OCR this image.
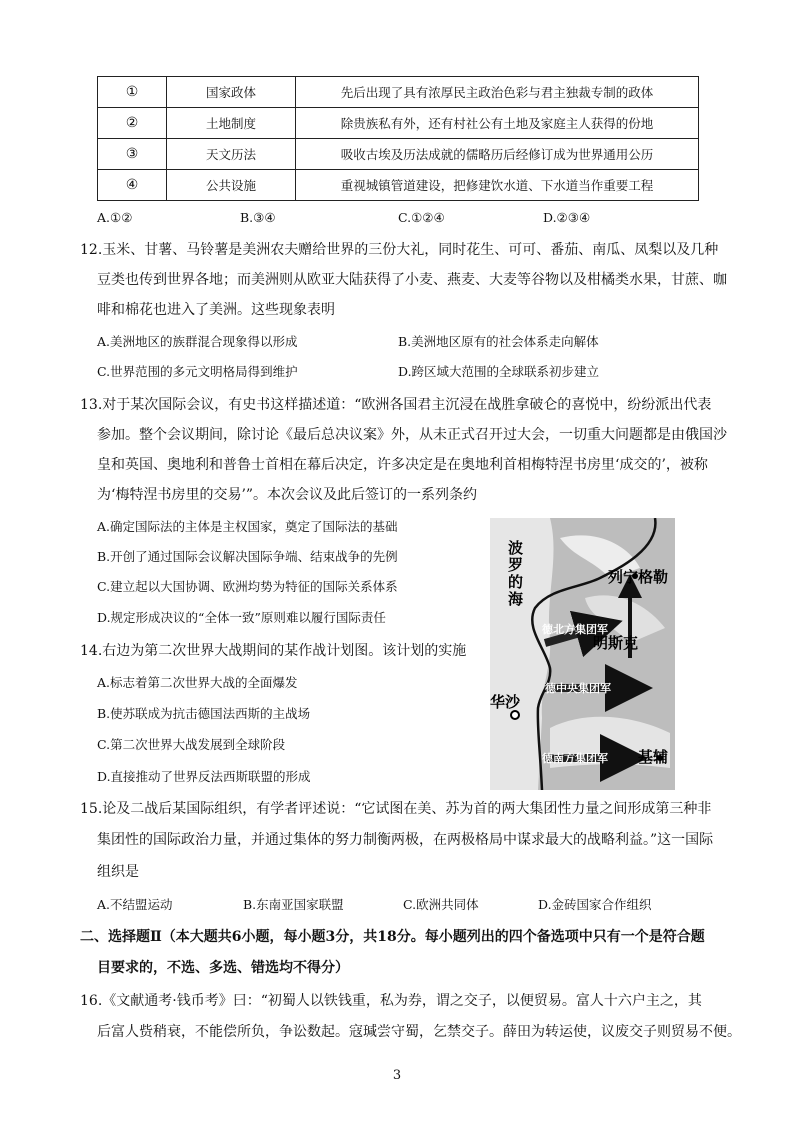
①	国家政体	先后出现了具有浓厚民主政治色彩与君主独裁专制的政体
②	土地制度	除贵族私有外，还有村社公有土地及家庭主人获得的份地
③	天文历法	吸收古埃及历法成就的儒略历后经修订成为世界通用公历
④	公共设施	重视城镇管道建设，把修建饮水道、下水道当作重要工程
A.①②	B.③④	C.①②④	D.②③④
12.玉米、甘薯、马铃薯是美洲农夫赠给世界的三份大礼，同时花生、可可、番茄、南瓜、凤梨以及几种
豆类也传到世界各地；而美洲则从欧亚大陆获得了小麦、燕麦、大麦等谷物以及柑橘类水果，甘蔗、咖
啡和棉花也进入了美洲。这些现象表明
A.美洲地区的族群混合现象得以形成	B.美洲地区原有的社会体系走向解体
C.世界范围的多元文明格局得到维护	D.跨区域大范围的全球联系初步建立
13.对于某次国际会议，有史书这样描述道：“欧洲各国君主沉浸在战胜拿破仑的喜悦中，纷纷派出代表
参加。整个会议期间，除讨论《最后总决议案》外，从未正式召开过大会，一切重大问题都是由俄国沙
皇和英国、奥地利和普鲁士首相在幕后决定，许多决定是在奥地利首相梅特涅书房里‘成交的’，被称
为‘梅特涅书房里的交易’”。本次会议及此后签订的一系列条约
A.确定国际法的主体是主权国家，奠定了国际法的基础
B.开创了通过国际会议解决国际争端、结束战争的先例
C.建立起以大国协调、欧洲均势为特征的国际关系体系
D.规定形成决议的“全体一致”原则难以履行国际责任
14.右边为第二次世界大战期间的某作战计划图。该计划的实施
A.标志着第二次世界大战的全面爆发
B.使苏联成为抗击德国法西斯的主战场
C.第二次世界大战发展到全球阶段
D.直接推动了世界反法西斯联盟的形成
波
罗
的
海
列宁格勒
明斯克
华沙
基辅
德北方集团军
德中央集团军
德南方集团军
15.论及二战后某国际组织，有学者评述说：“它试图在美、苏为首的两大集团性力量之间形成第三种非
集团性的国际政治力量，并通过集体的努力制衡两极，在两极格局中谋求最大的战略利益。”这一国际
组织是
A.不结盟运动	B.东南亚国家联盟	C.欧洲共同体	D.金砖国家合作组织
二、选择题Ⅱ（本大题共6小题，每小题3分，共18分。每小题列出的四个备选项中只有一个是符合题
目要求的，不选、多选、错选均不得分）
16.《文献通考·钱币考》曰：“初蜀人以铁钱重，私为券，谓之交子，以便贸易。富人十六户主之，其
后富人赀稍衰，不能偿所负，争讼数起。寇瑊尝守蜀，乞禁交子。薛田为转运使，议废交子则贸易不便。
3
